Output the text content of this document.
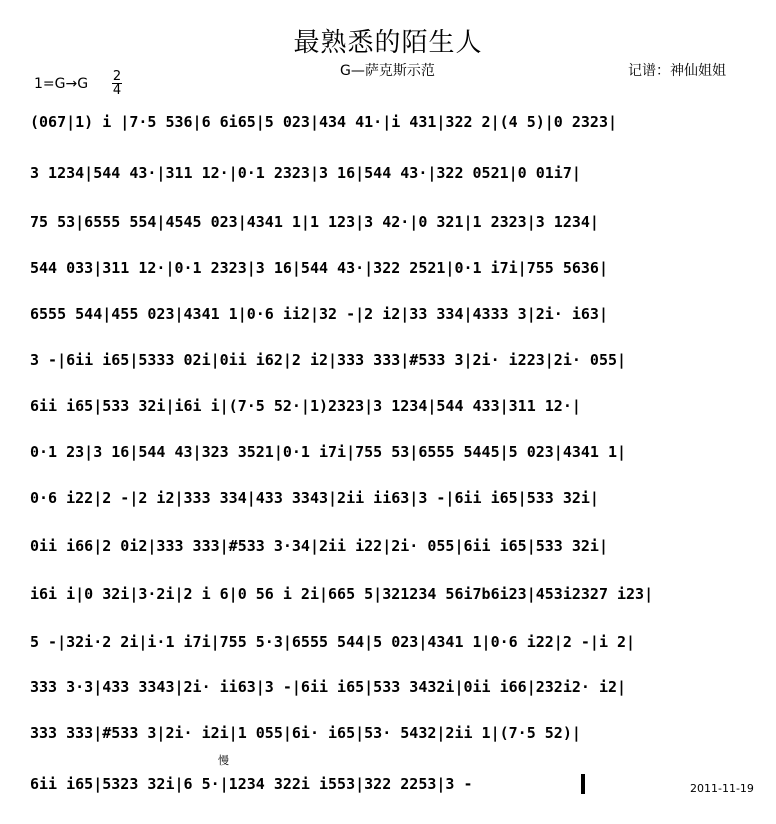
最熟悉的陌生人
G—萨克斯示范	记谱：神仙姐姐
1=G→G 2
4
(067|1) i |7·5 536|6 6i65|5 023|434 41·|i 431|322 2|(4 5)|0 2323|
3 1234|544 43·|311 12·|0·1 2323|3 16|544 43·|322 0521|0 01i7|
75 53|6555 554|4545 023|4341 1|1 123|3 42·|0 321|1 2323|3 1234|
544 033|311 12·|0·1 2323|3 16|544 43·|322 2521|0·1 i7i|755 5636|
6555 544|455 023|4341 1|0·6 ii2|32 -|2 i2|33 334|4333 3|2i· i63|
3 -|6ii i65|5333 02i|0ii i62|2 i2|333 333|#533 3|2i· i223|2i· 055|
6ii i65|533 32i|i6i i|(7·5 52·|1)2323|3 1234|544 433|311 12·|
0·1 23|3 16|544 43|323 3521|0·1 i7i|755 53|6555 5445|5 023|4341 1|
0·6 i22|2 -|2 i2|333 334|433 3343|2ii ii63|3 -|6ii i65|533 32i|
0ii i66|2 0i2|333 333|#533 3·34|2ii i22|2i· 055|6ii i65|533 32i|
i6i i|0 32i|3·2i|2 i 6|0 56 i 2i|665 5|321234 56i7b6i23|453i2327 i23|
5 -|32i·2 2i|i·1 i7i|755 5·3|6555 544|5 023|4341 1|0·6 i22|2 -|i 2|
333 3·3|433 3343|2i· ii63|3 -|6ii i65|533 3432i|0ii i66|232i2· i2|
333 333|#533 3|2i· i2i|1 055|6i· i65|53· 5432|2ii 1|(7·5 52)|
6ii i65|5323 32i|6 5·|1234 322i i553|322 2253|3 -
慢
2011-11-19
